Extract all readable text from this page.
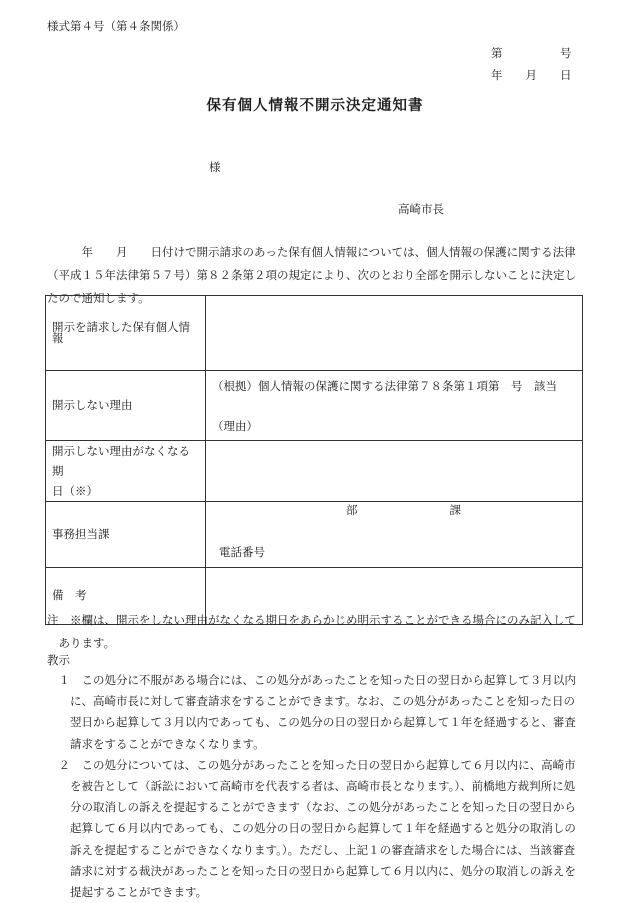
様式第４号（第４条関係）
第　　　　　号
年　　月　　日
保有個人情報不開示決定通知書
様
高崎市長

　　　年　　月　　日付けで開示請求のあった保有個人情報については、個人情報の保護に関する法律

（平成１５年法律第５７号）第８２条第２項の規定により、次のとおり全部を開示しないことに決定し

たので通知します。

開示を請求した保有個人情報	
開示しない理由	（根拠）個人情報の保護に関する法律第７８条第１項第　号　該当
（理由）

開示しない理由がなくなる期
日（※）	

事務担当課	部　　　　　　　　課
電話番号

備　考	

注　※欄は、開示をしない理由がなくなる期日をあらかじめ明示することができる場合にのみ記入して

　あります。

教示

　１　この処分に不服がある場合には、この処分があったことを知った日の翌日から起算して３月以内

　　に、高崎市長に対して審査請求をすることができます。なお、この処分があったことを知った日の

　　翌日から起算して３月以内であっても、この処分の日の翌日から起算して１年を経過すると、審査

　　請求をすることができなくなります。

　２　この処分については、この処分があったことを知った日の翌日から起算して６月以内に、高崎市

　　を被告として（訴訟において高崎市を代表する者は、高崎市長となります。）、前橋地方裁判所に処

　　分の取消しの訴えを提起することができます（なお、この処分があったことを知った日の翌日から

　　起算して６月以内であっても、この処分の日の翌日から起算して１年を経過すると処分の取消しの

　　訴えを提起することができなくなります。）。ただし、上記１の審査請求をした場合には、当該審査

　　請求に対する裁決があったことを知った日の翌日から起算して６月以内に、処分の取消しの訴えを

　　提起することができます。
